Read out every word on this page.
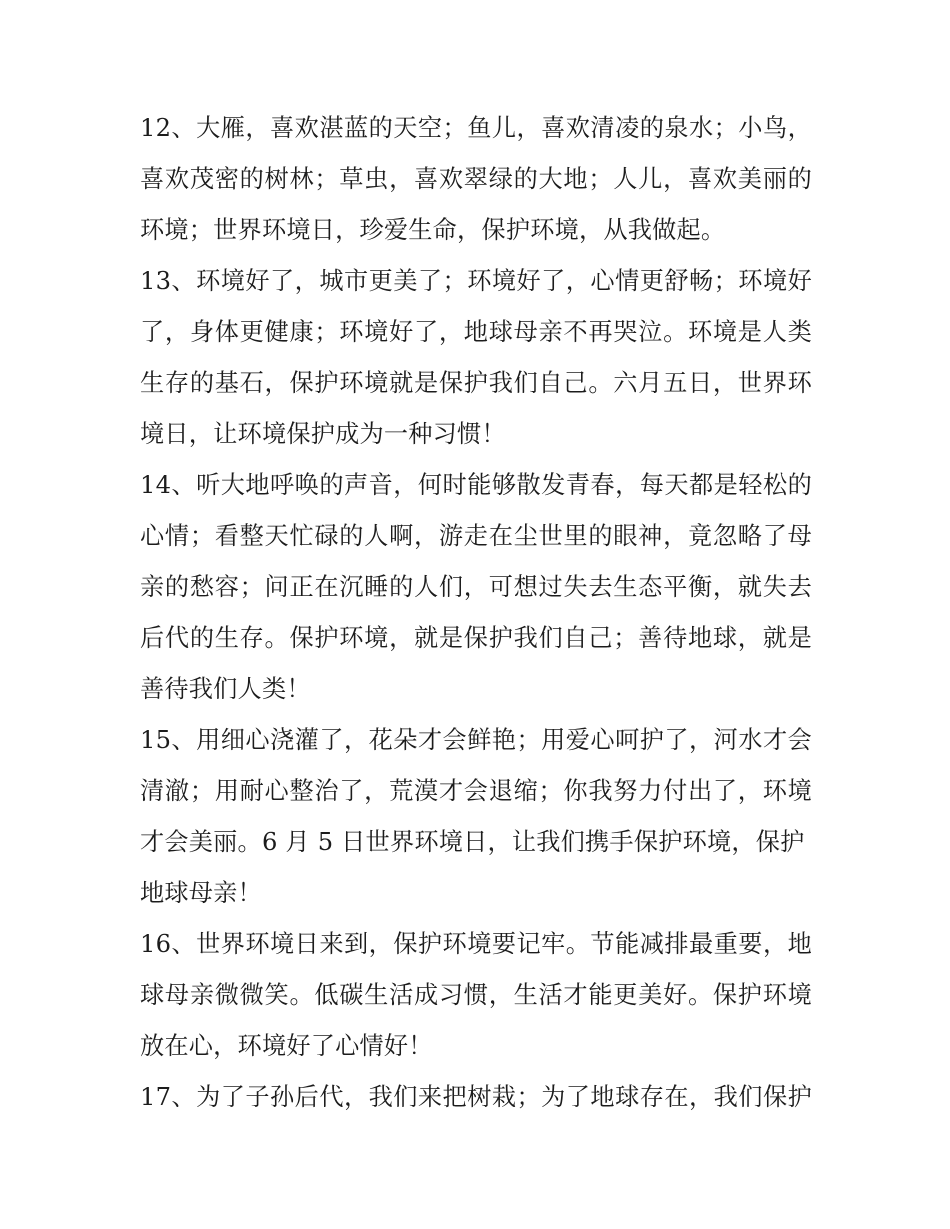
12、大雁，喜欢湛蓝的天空；鱼儿，喜欢清凌的泉水；小鸟，
喜欢茂密的树林；草虫，喜欢翠绿的大地；人儿，喜欢美丽的
环境；世界环境日，珍爱生命，保护环境，从我做起。
13、环境好了，城市更美了；环境好了，心情更舒畅；环境好
了，身体更健康；环境好了，地球母亲不再哭泣。环境是人类
生存的基石，保护环境就是保护我们自己。六月五日，世界环
境日，让环境保护成为一种习惯！
14、听大地呼唤的声音，何时能够散发青春，每天都是轻松的
心情；看整天忙碌的人啊，游走在尘世里的眼神，竟忽略了母
亲的愁容；问正在沉睡的人们，可想过失去生态平衡，就失去
后代的生存。保护环境，就是保护我们自己；善待地球，就是
善待我们人类！
15、用细心浇灌了，花朵才会鲜艳；用爱心呵护了，河水才会
清澈；用耐心整治了，荒漠才会退缩；你我努力付出了，环境
才会美丽。6 月 5 日世界环境日，让我们携手保护环境，保护
地球母亲！
16、世界环境日来到，保护环境要记牢。节能减排最重要，地
球母亲微微笑。低碳生活成习惯，生活才能更美好。保护环境
放在心，环境好了心情好！
17、为了子孙后代，我们来把树栽；为了地球存在，我们保护
